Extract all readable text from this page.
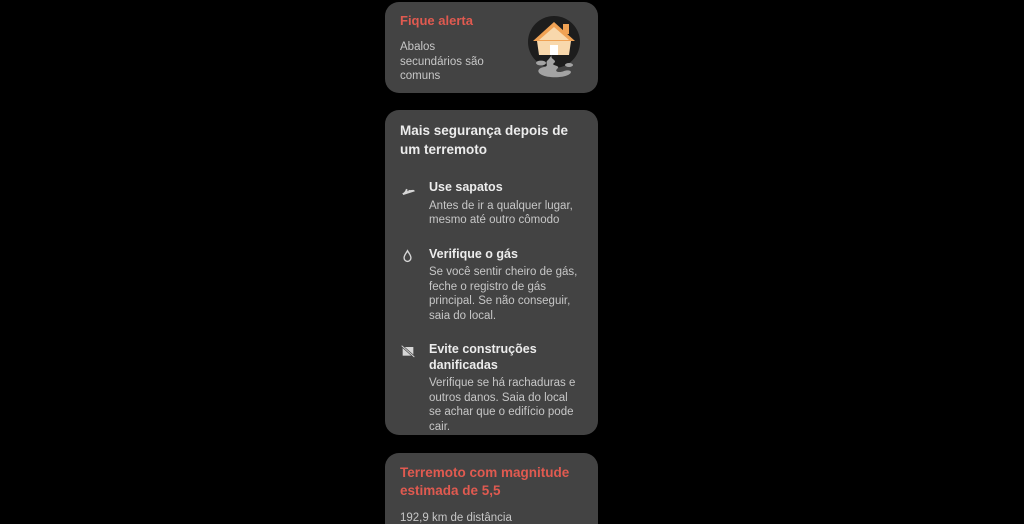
Fique alerta
Abalos secundários são comuns
Mais segurança depois de um terremoto
Use sapatos
Antes de ir a qualquer lugar, mesmo até outro cômodo
Verifique o gás
Se você sentir cheiro de gás, feche o registro de gás principal. Se não conseguir, saia do local.
Evite construções danificadas
Verifique se há rachaduras e outros danos. Saia do local se achar que o edifício pode cair.
Terremoto com magnitude estimada de 5,5
192,9 km de distância
